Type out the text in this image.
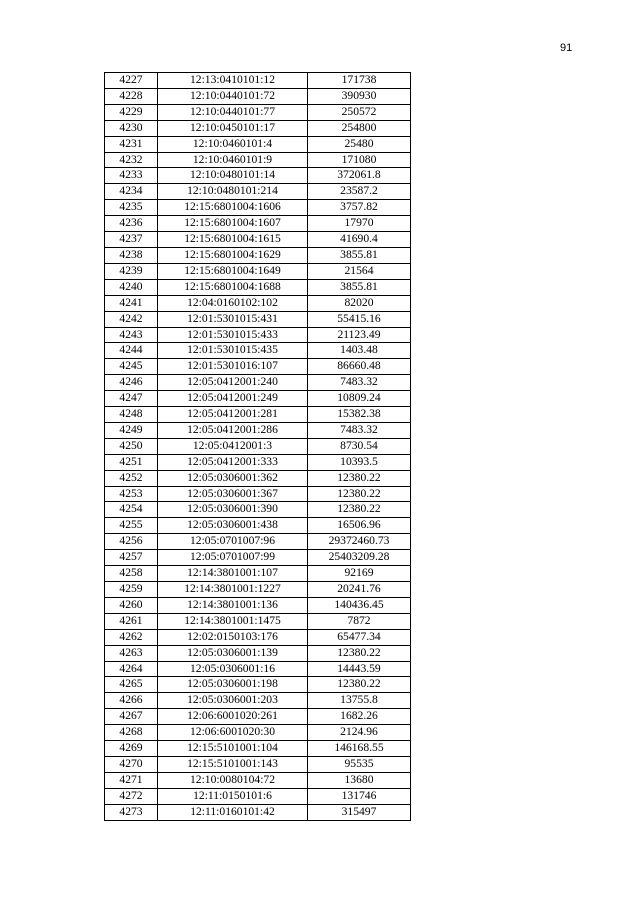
91
4227	12:13:0410101:12	171738
4228	12:10:0440101:72	390930
4229	12:10:0440101:77	250572
4230	12:10:0450101:17	254800
4231	12:10:0460101:4	25480
4232	12:10:0460101:9	171080
4233	12:10:0480101:14	372061.8
4234	12:10:0480101:214	23587.2
4235	12:15:6801004:1606	3757.82
4236	12:15:6801004:1607	17970
4237	12:15:6801004:1615	41690.4
4238	12:15:6801004:1629	3855.81
4239	12:15:6801004:1649	21564
4240	12:15:6801004:1688	3855.81
4241	12:04:0160102:102	82020
4242	12:01:5301015:431	55415.16
4243	12:01:5301015:433	21123.49
4244	12:01:5301015:435	1403.48
4245	12:01:5301016:107	86660.48
4246	12:05:0412001:240	7483.32
4247	12:05:0412001:249	10809.24
4248	12:05:0412001:281	15382.38
4249	12:05:0412001:286	7483.32
4250	12:05:0412001:3	8730.54
4251	12:05:0412001:333	10393.5
4252	12:05:0306001:362	12380.22
4253	12:05:0306001:367	12380.22
4254	12:05:0306001:390	12380.22
4255	12:05:0306001:438	16506.96
4256	12:05:0701007:96	29372460.73
4257	12:05:0701007:99	25403209.28
4258	12:14:3801001:107	92169
4259	12:14:3801001:1227	20241.76
4260	12:14:3801001:136	140436.45
4261	12:14:3801001:1475	7872
4262	12:02:0150103:176	65477.34
4263	12:05:0306001:139	12380.22
4264	12:05:0306001:16	14443.59
4265	12:05:0306001:198	12380.22
4266	12:05:0306001:203	13755.8
4267	12:06:6001020:261	1682.26
4268	12:06:6001020:30	2124.96
4269	12:15:5101001:104	146168.55
4270	12:15:5101001:143	95535
4271	12:10:0080104:72	13680
4272	12:11:0150101:6	131746
4273	12:11:0160101:42	315497
